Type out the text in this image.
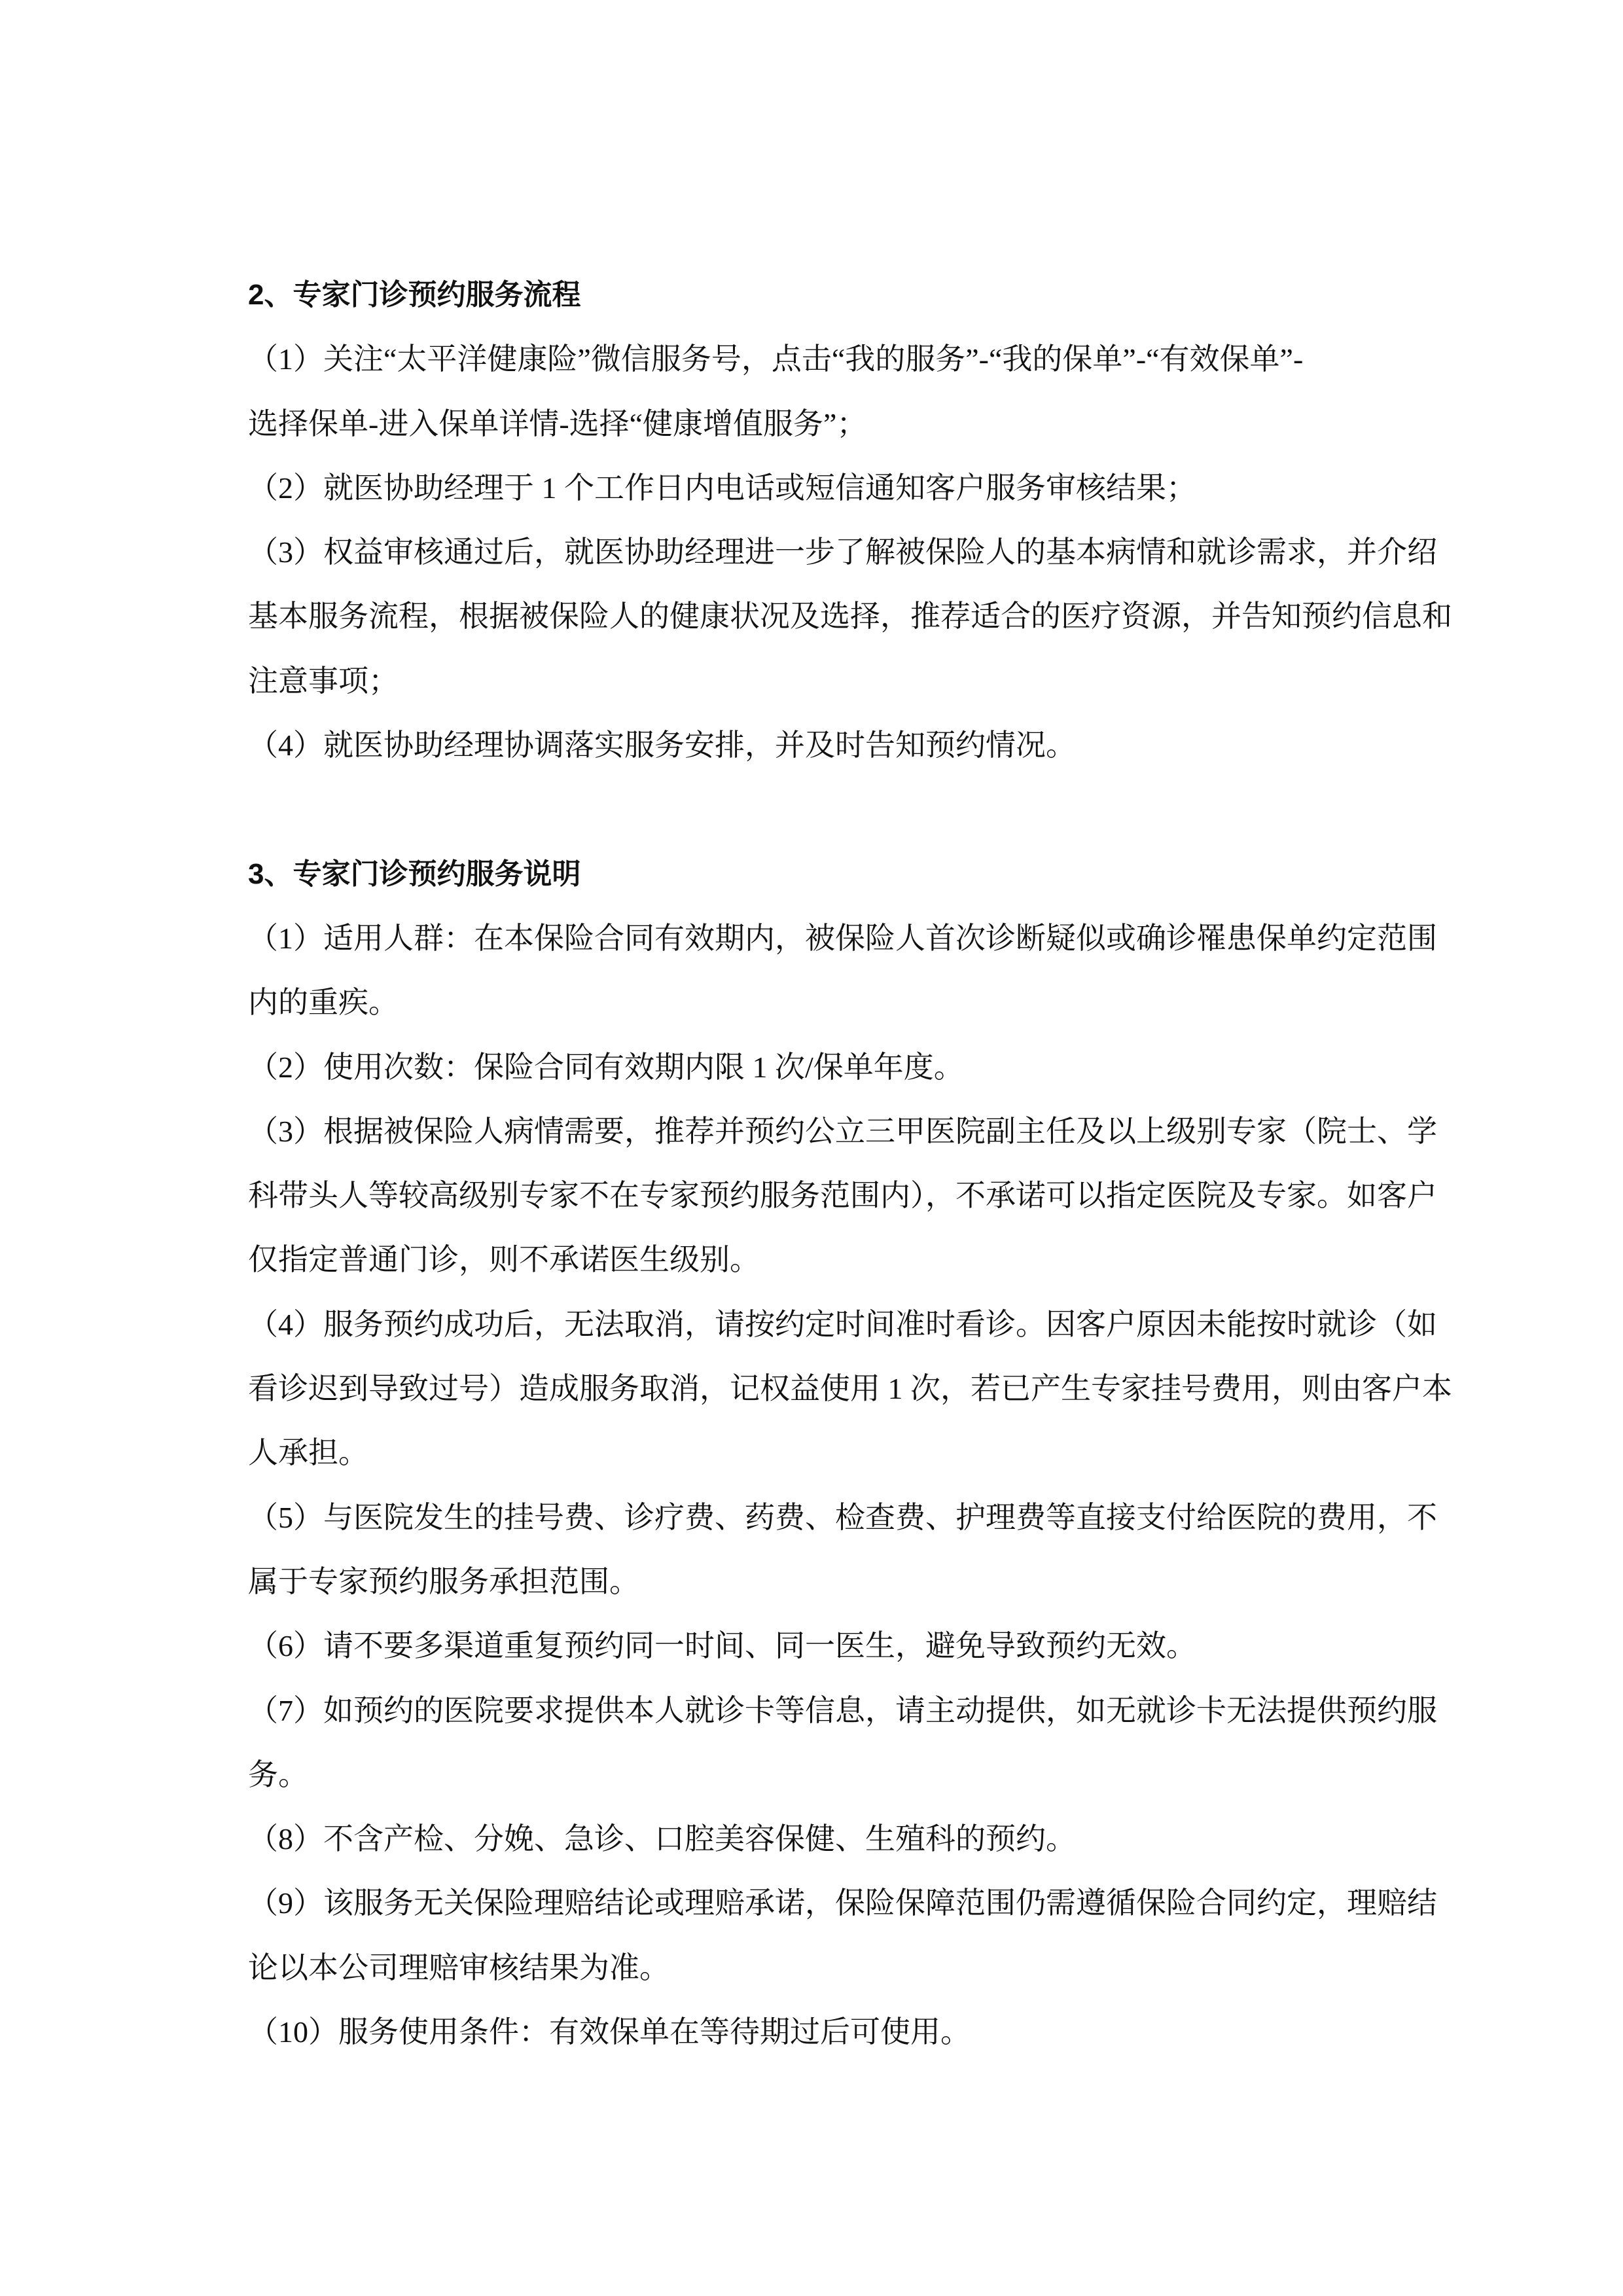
2、专家门诊预约服务流程
（1）关注“太平洋健康险”微信服务号，点击“我的服务”-“我的保单”-“有效保单”-
选择保单-进入保单详情-选择“健康增值服务”；
（2）就医协助经理于 1 个工作日内电话或短信通知客户服务审核结果；
（3）权益审核通过后，就医协助经理进一步了解被保险人的基本病情和就诊需求，并介绍
基本服务流程，根据被保险人的健康状况及选择，推荐适合的医疗资源，并告知预约信息和
注意事项；
（4）就医协助经理协调落实服务安排，并及时告知预约情况。
3、专家门诊预约服务说明
（1）适用人群：在本保险合同有效期内，被保险人首次诊断疑似或确诊罹患保单约定范围
内的重疾。
（2）使用次数：保险合同有效期内限 1 次/保单年度。
（3）根据被保险人病情需要，推荐并预约公立三甲医院副主任及以上级别专家（院士、学
科带头人等较高级别专家不在专家预约服务范围内），不承诺可以指定医院及专家。如客户
仅指定普通门诊，则不承诺医生级别。
（4）服务预约成功后，无法取消，请按约定时间准时看诊。因客户原因未能按时就诊（如
看诊迟到导致过号）造成服务取消，记权益使用 1 次，若已产生专家挂号费用，则由客户本
人承担。
（5）与医院发生的挂号费、诊疗费、药费、检查费、护理费等直接支付给医院的费用，不
属于专家预约服务承担范围。
（6）请不要多渠道重复预约同一时间、同一医生，避免导致预约无效。
（7）如预约的医院要求提供本人就诊卡等信息，请主动提供，如无就诊卡无法提供预约服
务。
（8）不含产检、分娩、急诊、口腔美容保健、生殖科的预约。
（9）该服务无关保险理赔结论或理赔承诺，保险保障范围仍需遵循保险合同约定，理赔结
论以本公司理赔审核结果为准。
（10）服务使用条件：有效保单在等待期过后可使用。
